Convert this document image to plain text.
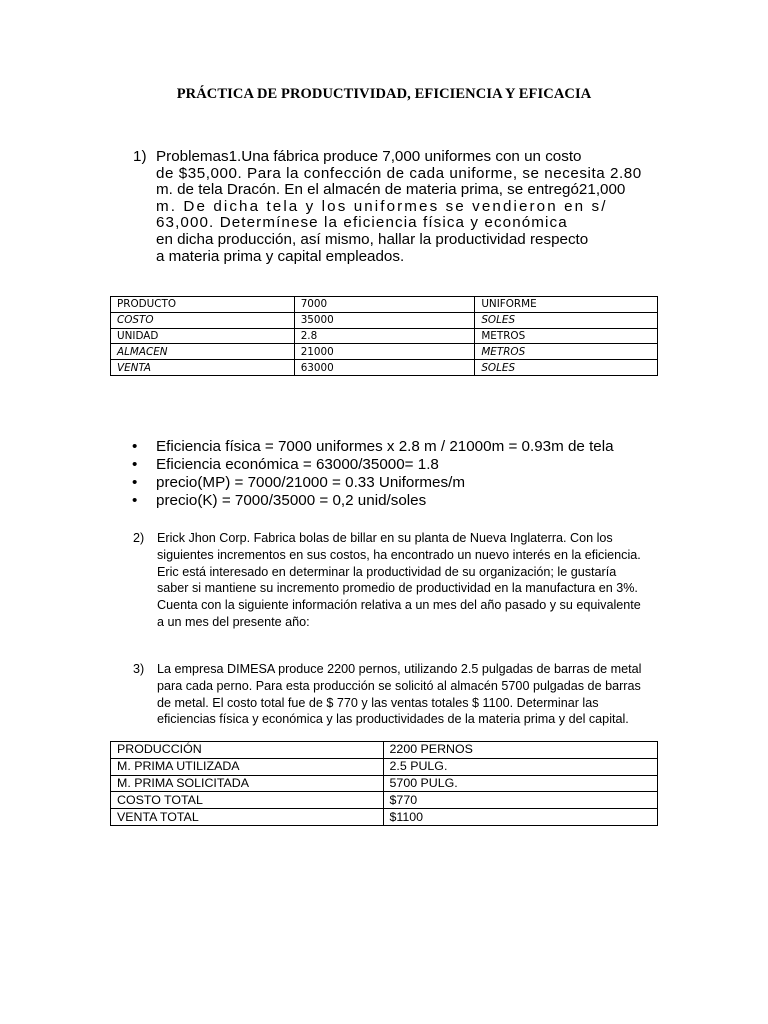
PRÁCTICA DE PRODUCTIVIDAD, EFICIENCIA Y EFICACIA
1) Problemas1.Una fábrica produce 7,000 uniformes con un costo
de $35,000. Para la confección de cada uniforme, se necesita 2.80
m. de tela Dracón. En el almacén de materia prima, se entregó21,000
m. De dicha tela y los uniformes se vendieron en s/
63,000. Determínese la eficiencia física y económica
en dicha producción, así mismo, hallar la productividad respecto
a materia prima y capital empleados.
PRODUCTO	7000	UNIFORME
COSTO	35000	SOLES
UNIDAD	2.8	METROS
ALMACEN	21000	METROS
VENTA	63000	SOLES
• Eficiencia física = 7000 uniformes x 2.8 m / 21000m = 0.93m de tela
• Eficiencia económica = 63000/35000= 1.8
• precio(MP) = 7000/21000 = 0.33 Uniformes/m
• precio(K) = 7000/35000 = 0,2 unid/soles
2) Erick Jhon Corp. Fabrica bolas de billar en su planta de Nueva Inglaterra. Con los
siguientes incrementos en sus costos, ha encontrado un nuevo interés en la eficiencia.
Eric está interesado en determinar la productividad de su organización; le gustaría
saber si mantiene su incremento promedio de productividad en la manufactura en 3%.
Cuenta con la siguiente información relativa a un mes del año pasado y su equivalente
a un mes del presente año:
3) La empresa DIMESA produce 2200 pernos, utilizando 2.5 pulgadas de barras de metal
para cada perno. Para esta producción se solicitó al almacén 5700 pulgadas de barras
de metal. El costo total fue de $ 770 y las ventas totales $ 1100. Determinar las
eficiencias física y económica y las productividades de la materia prima y del capital.
PRODUCCIÓN	2200 PERNOS
M. PRIMA UTILIZADA	2.5 PULG.
M. PRIMA SOLICITADA	5700 PULG.
COSTO TOTAL	$770
VENTA TOTAL	$1100
